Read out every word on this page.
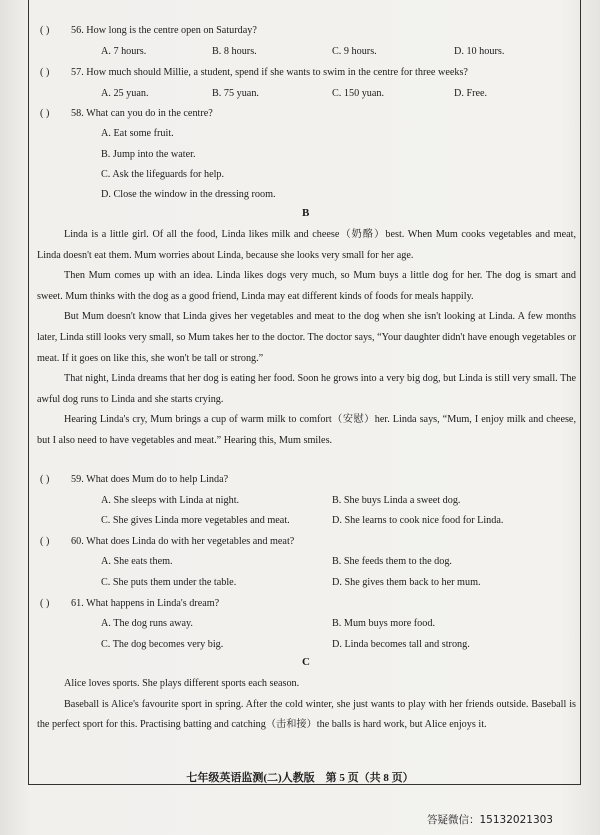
( ) 56. How long is the centre open on Saturday?
A. 7 hours.	B. 8 hours.	C. 9 hours.	D. 10 hours.
( ) 57. How much should Millie, a student, spend if she wants to swim in the centre for three weeks?
A. 25 yuan.	B. 75 yuan.	C. 150 yuan.	D. Free.
( ) 58. What can you do in the centre?
A. Eat some fruit.
B. Jump into the water.
C. Ask the lifeguards for help.
D. Close the window in the dressing room.
B

Linda is a little girl. Of all the food, Linda likes milk and cheese（奶酪）best. When Mum cooks vegetables and meat, Linda doesn't eat them. Mum worries about Linda, because she looks very small for her age.

Then Mum comes up with an idea. Linda likes dogs very much, so Mum buys a little dog for her. The dog is smart and sweet. Mum thinks with the dog as a good friend, Linda may eat different kinds of foods for meals happily.

But Mum doesn't know that Linda gives her vegetables and meat to the dog when she isn't looking at Linda. A few months later, Linda still looks very small, so Mum takes her to the doctor. The doctor says, “Your daughter didn't have enough vegetables or meat. If it goes on like this, she won't be tall or strong.”

That night, Linda dreams that her dog is eating her food. Soon he grows into a very big dog, but Linda is still very small. The awful dog runs to Linda and she starts crying.

Hearing Linda's cry, Mum brings a cup of warm milk to comfort（安慰）her. Linda says, “Mum, I enjoy milk and cheese, but I also need to have vegetables and meat.” Hearing this, Mum smiles.

( ) 59. What does Mum do to help Linda?
A. She sleeps with Linda at night.	B. She buys Linda a sweet dog.
C. She gives Linda more vegetables and meat.	D. She learns to cook nice food for Linda.
( ) 60. What does Linda do with her vegetables and meat?
A. She eats them.	B. She feeds them to the dog.
C. She puts them under the table.	D. She gives them back to her mum.
( ) 61. What happens in Linda's dream?
A. The dog runs away.	B. Mum buys more food.
C. The dog becomes very big.	D. Linda becomes tall and strong.
C

Alice loves sports. She plays different sports each season.

Baseball is Alice's favourite sport in spring. After the cold winter, she just wants to play with her friends outside. Baseball is the perfect sport for this. Practising batting and catching（击和接）the balls is hard work, but Alice enjoys it.

七年级英语监测(二)人教版　第 5 页（共 8 页）
答疑微信：15132021303
